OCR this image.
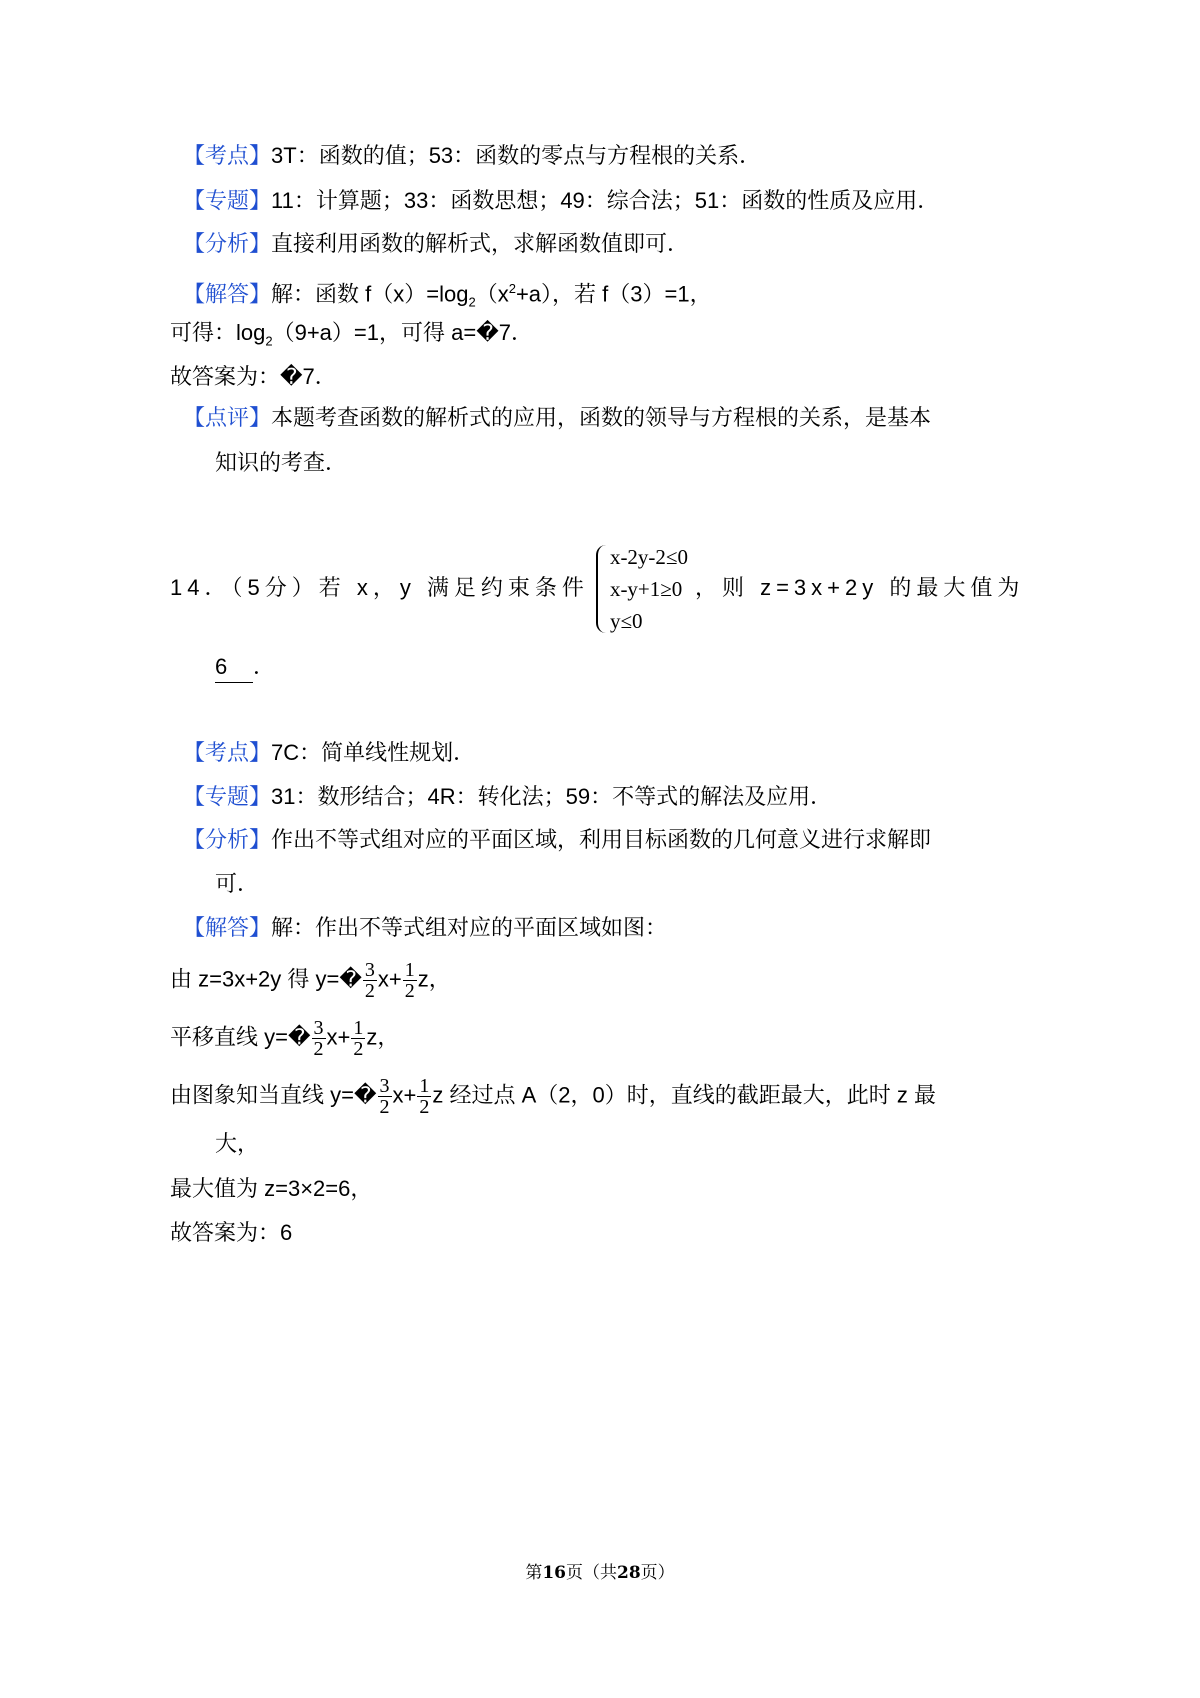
【考点】3T：函数的值；53：函数的零点与方程根的关系．
【专题】11：计算题；33：函数思想；49：综合法；51：函数的性质及应用．
【分析】直接利用函数的解析式，求解函数值即可．
【解答】解：函数 $f(x)=\log_2(x^2+a)$，若 f（3）=1，
可得：$\log_2(9+a)=1$，可得 a=�7．
故答案为：�7．
【点评】本题考查函数的解析式的应用，函数的领导与方程根的关系，是基本
知识的考查．
14．（5分）若 x，y 满足约束条件
x-2y-2≤0
x-y+1≥0
y≤0
，则 z=3x+2y 的最大值为
6 ．
【考点】7C：简单线性规划．
【专题】31：数形结合；4R：转化法；59：不等式的解法及应用．
【分析】作出不等式组对应的平面区域，利用目标函数的几何意义进行求解即
可．
【解答】解：作出不等式组对应的平面区域如图：
由 z=3x+2y 得 y=� $\frac{3}{2} x+ \frac{1}{2}$ z，
平移直线 y=� $\frac{3}{2} x+ \frac{1}{2}$ z，
由图象知当直线 y=� $\frac{3}{2} x+ \frac{1}{2}$ z 经过点 A（2，0）时，直线的截距最大，此时 z 最
大，
最大值为 z=3×2=6，
故答案为：6
第16页（共28页）
